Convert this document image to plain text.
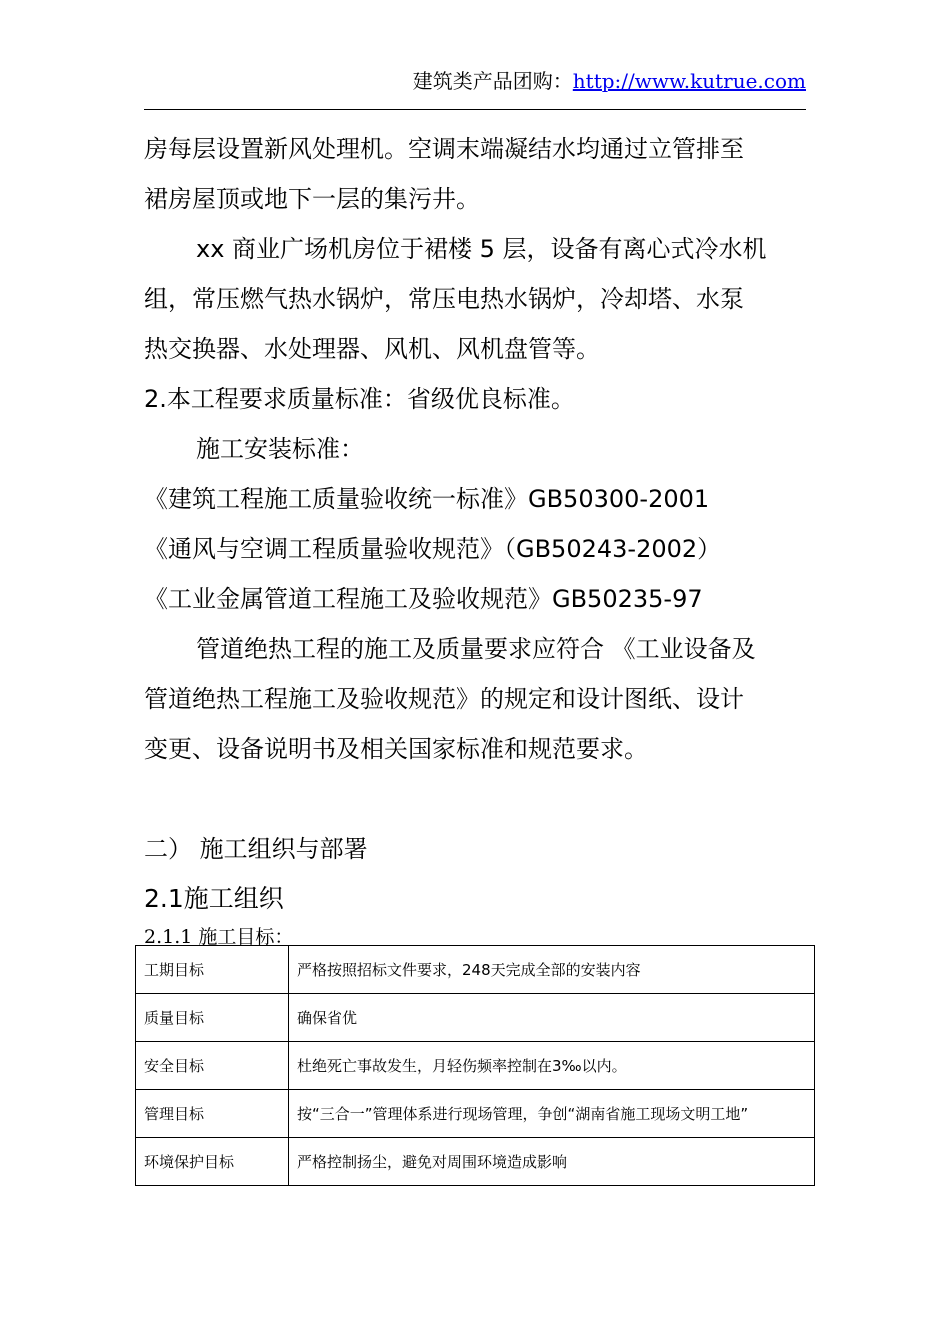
建筑类产品团购：http://www.kutrue.com

房每层设置新风处理机。空调末端凝结水均通过立管排至

裙房屋顶或地下一层的集污井。

xx 商业广场机房位于裙楼 5 层，设备有离心式冷水机

组，常压燃气热水锅炉，常压电热水锅炉，冷却塔、水泵

热交换器、水处理器、风机、风机盘管等。

2.本工程要求质量标准：省级优良标准。

施工安装标准：

《建筑工程施工质量验收统一标准》GB50300-2001

《通风与空调工程质量验收规范》（GB50243-2002）

《工业金属管道工程施工及验收规范》GB50235-97

管道绝热工程的施工及质量要求应符合 《工业设备及

管道绝热工程施工及验收规范》的规定和设计图纸、设计

变更、设备说明书及相关国家标准和规范要求。

二） 施工组织与部署

2.1施工组织

2.1.1 施工目标：

工期目标	严格按照招标文件要求，248天完成全部的安装内容
质量目标	确保省优
安全目标	杜绝死亡事故发生，月轻伤频率控制在3‰以内。
管理目标	按“三合一”管理体系进行现场管理，争创“湖南省施工现场文明工地”
环境保护目标	严格控制扬尘，避免对周围环境造成影响
